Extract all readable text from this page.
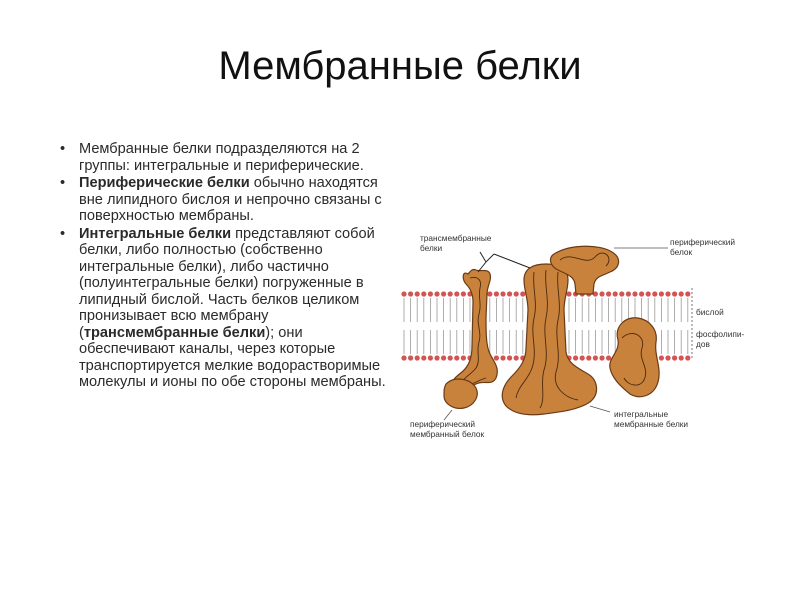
Мембранные белки
• Мембранные белки подразделяются на 2 группы: интегральные и периферические.
• Периферические белки обычно находятся вне липидного бислоя и непрочно связаны с поверхностью мембраны.
• Интегральные белки представляют собой белки, либо полностью (собственно интегральные белки), либо частично (полуинтегральные белки) погруженные в липидный бислой. Часть белков целиком пронизывает всю мембрану (трансмембранные белки); они обеспечивают каналы, через которые транспортируется мелкие водорастворимые молекулы и ионы по обе стороны мембраны.
трансмембранные
белки
периферический
белок
бислой
фосфолипи-
дов
периферический
мембранный белок
интегральные
мембранные белки
